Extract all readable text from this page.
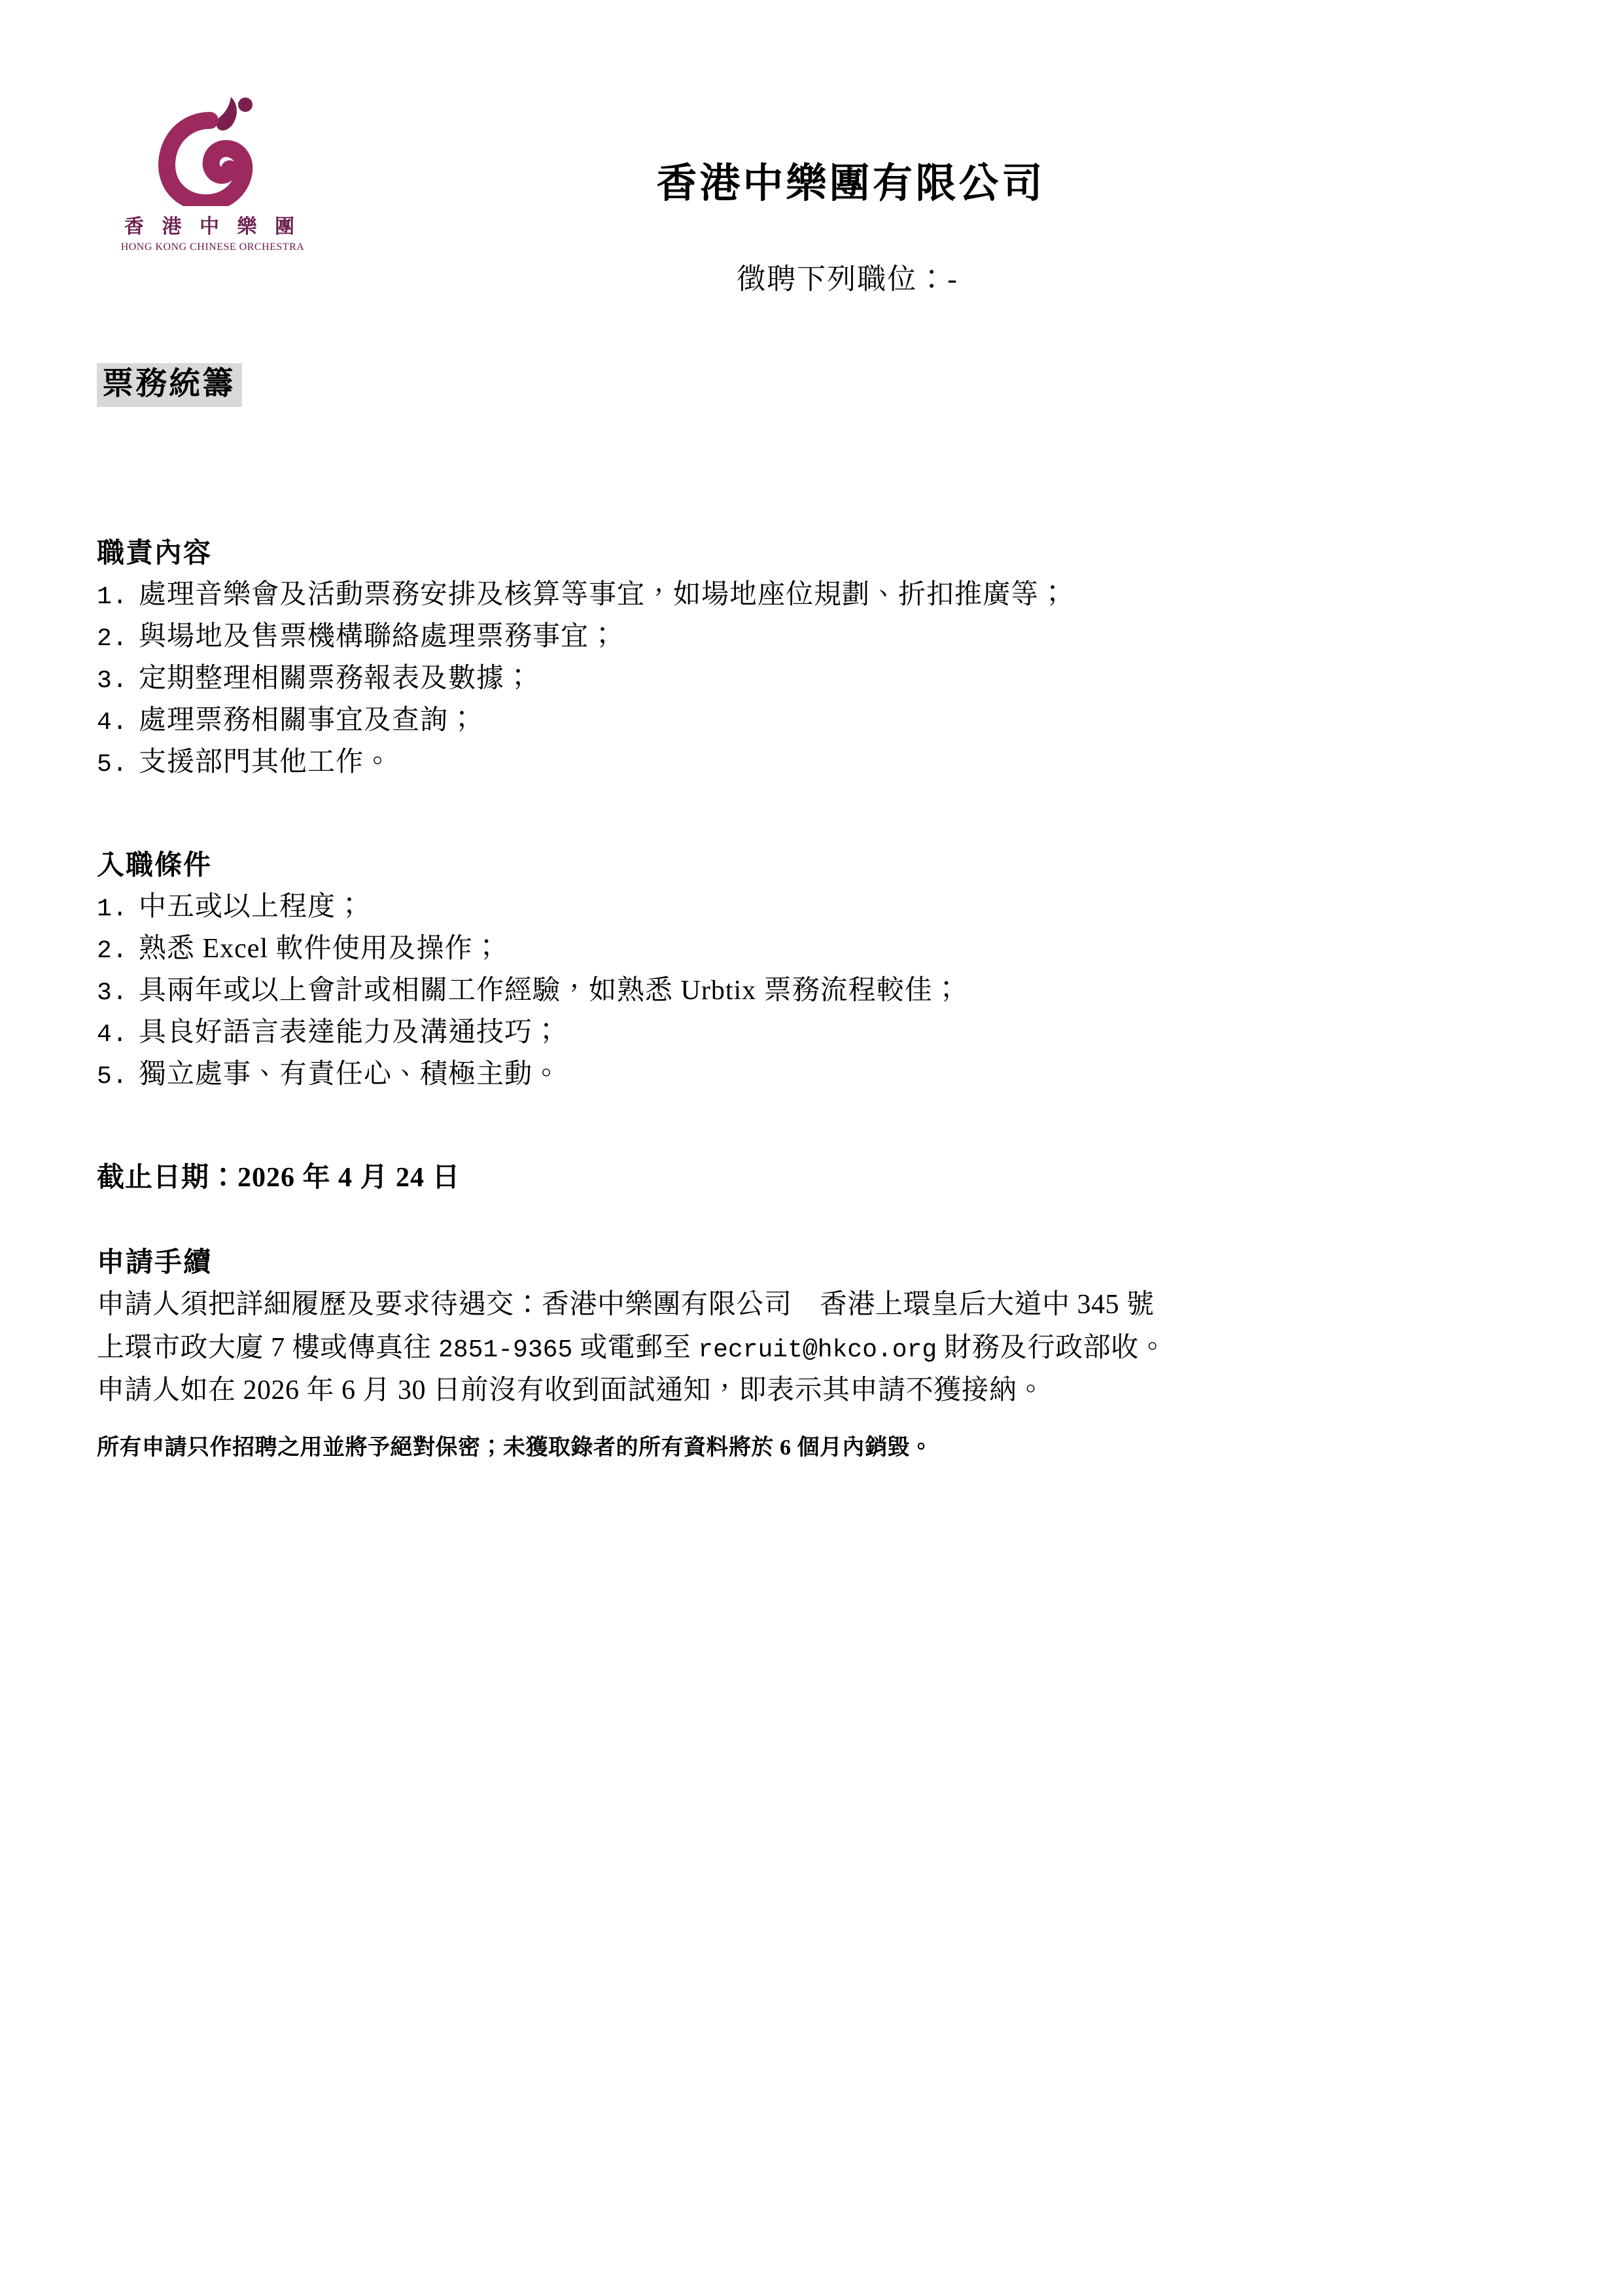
香 港 中 樂 團
HONG KONG CHINESE ORCHESTRA
香港中樂團有限公司
徵聘下列職位：-
票務統籌
職責內容
1. 處理音樂會及活動票務安排及核算等事宜，如場地座位規劃、折扣推廣等；
2. 與場地及售票機構聯絡處理票務事宜；
3. 定期整理相關票務報表及數據；
4. 處理票務相關事宜及查詢；
5. 支援部門其他工作。
入職條件
1. 中五或以上程度；
2. 熟悉 Excel 軟件使用及操作；
3. 具兩年或以上會計或相關工作經驗，如熟悉 Urbtix 票務流程較佳；
4. 具良好語言表達能力及溝通技巧；
5. 獨立處事、有責任心、積極主動。
截止日期：2026 年 4 月 24 日
申請手續

申請人須把詳細履歷及要求待遇交：香港中樂團有限公司　香港上環皇后大道中 345 號

上環市政大廈 7 樓或傳真往 2851-9365 或電郵至 recruit@hkco.org 財務及行政部收。

申請人如在 2026 年 6 月 30 日前沒有收到面試通知，即表示其申請不獲接納。

所有申請只作招聘之用並將予絕對保密；未獲取錄者的所有資料將於 6 個月內銷毀。
